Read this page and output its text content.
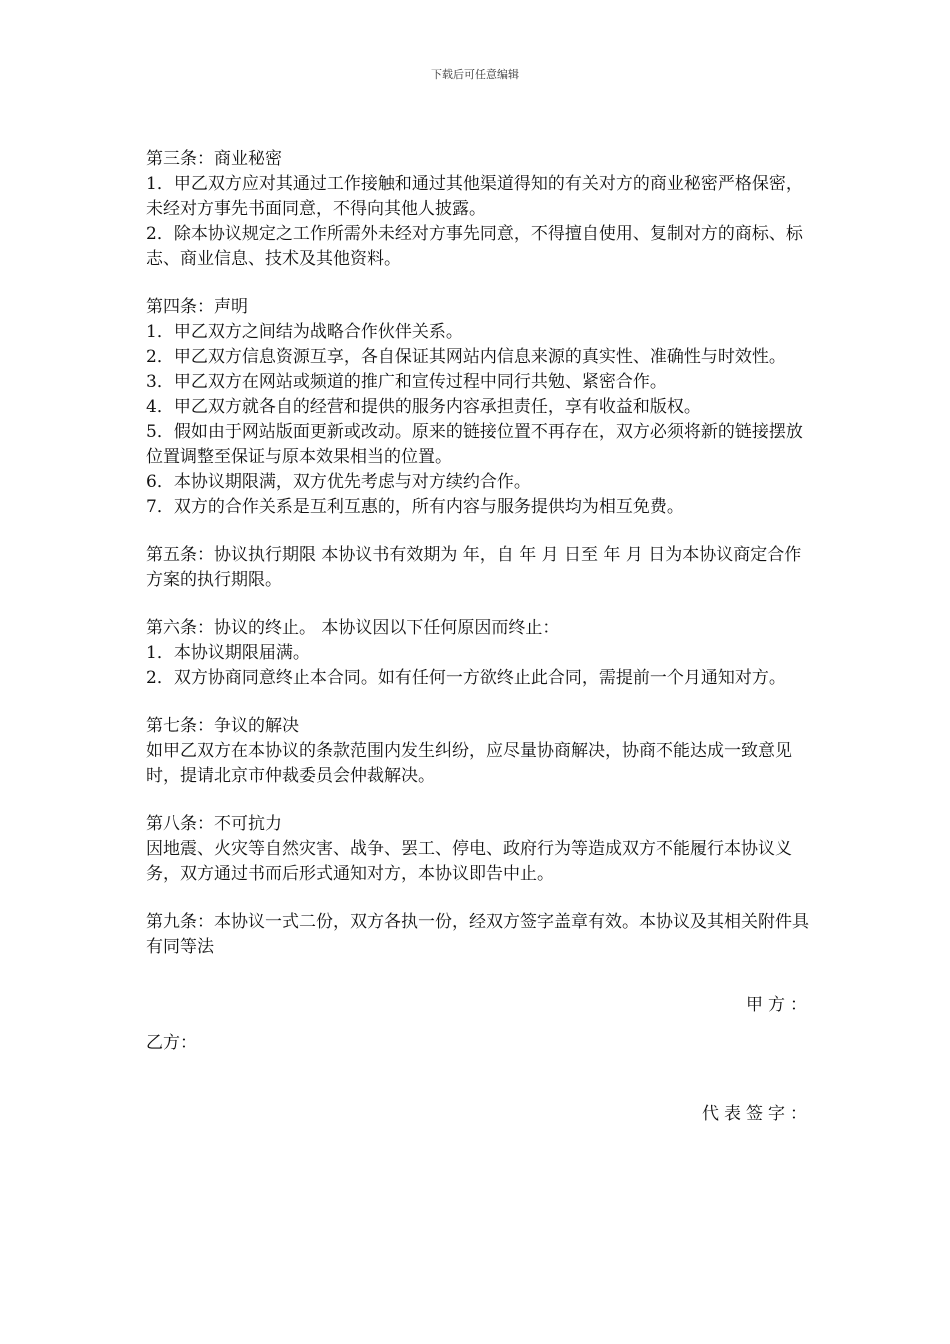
下载后可任意编辑

第三条：商业秘密

1．甲乙双方应对其通过工作接触和通过其他渠道得知的有关对方的商业秘密严格保密，未经对方事先书面同意，不得向其他人披露。

2．除本协议规定之工作所需外未经对方事先同意，不得擅自使用、复制对方的商标、标志、商业信息、技术及其他资料。

第四条：声明

1．甲乙双方之间结为战略合作伙伴关系。

2．甲乙双方信息资源互享，各自保证其网站内信息来源的真实性、准确性与时效性。

3．甲乙双方在网站或频道的推广和宣传过程中同行共勉、紧密合作。

4．甲乙双方就各自的经营和提供的服务内容承担责任，享有收益和版权。

5．假如由于网站版面更新或改动。原来的链接位置不再存在，双方必须将新的链接摆放位置调整至保证与原本效果相当的位置。

6．本协议期限满，双方优先考虑与对方续约合作。

7．双方的合作关系是互利互惠的，所有内容与服务提供均为相互免费。

第五条：协议执行期限 本协议书有效期为 年，自 年 月 日至 年 月 日为本协议商定合作方案的执行期限。

第六条：协议的终止。 本协议因以下任何原因而终止：

1．本协议期限届满。

2．双方协商同意终止本合同。如有任何一方欲终止此合同，需提前一个月通知对方。

第七条：争议的解决

如甲乙双方在本协议的条款范围内发生纠纷，应尽量协商解决，协商不能达成一致意见时，提请北京市仲裁委员会仲裁解决。

第八条：不可抗力

因地震、火灾等自然灾害、战争、罢工、停电、政府行为等造成双方不能履行本协议义务，双方通过书而后形式通知对方，本协议即告中止。

第九条：本协议一式二份，双方各执一份，经双方签字盖章有效。本协议及其相关附件具有同等法

甲方：

乙方：

代表签字：
